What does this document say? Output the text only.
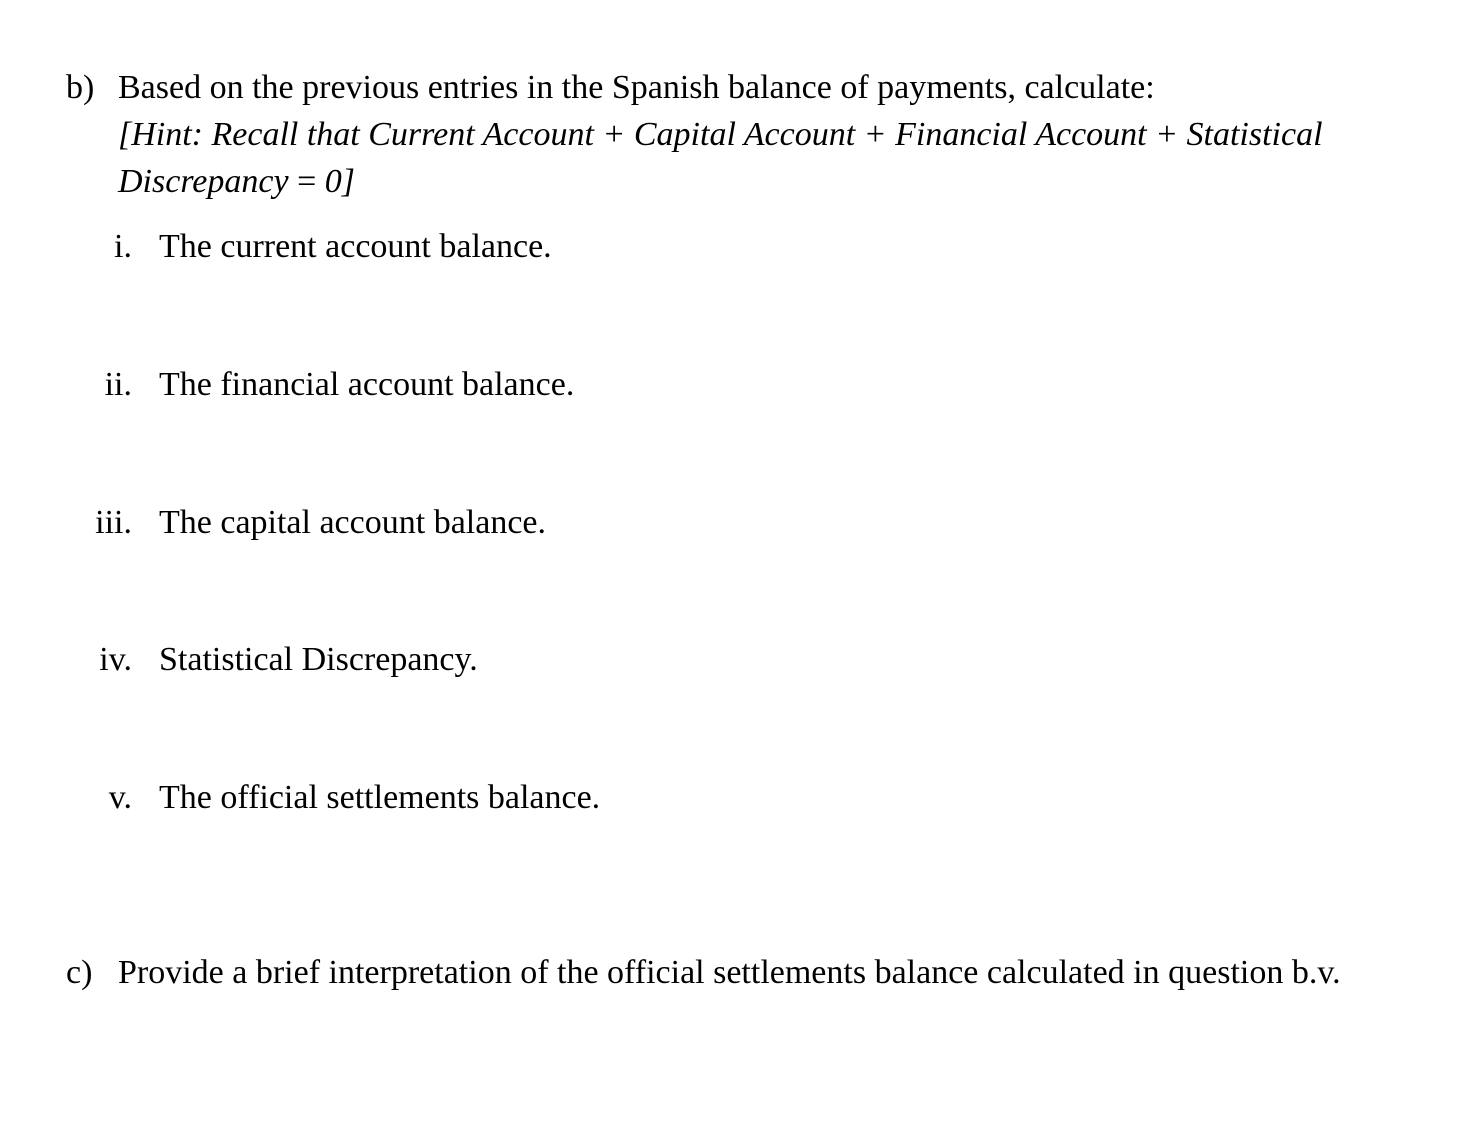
b) Based on the previous entries in the Spanish balance of payments, calculate:
[Hint: Recall that Current Account + Capital Account + Financial Account + Statistical
Discrepancy = 0]
i. The current account balance.
ii. The financial account balance.
iii. The capital account balance.
iv. Statistical Discrepancy.
v. The official settlements balance.
c) Provide a brief interpretation of the official settlements balance calculated in question b.v.
